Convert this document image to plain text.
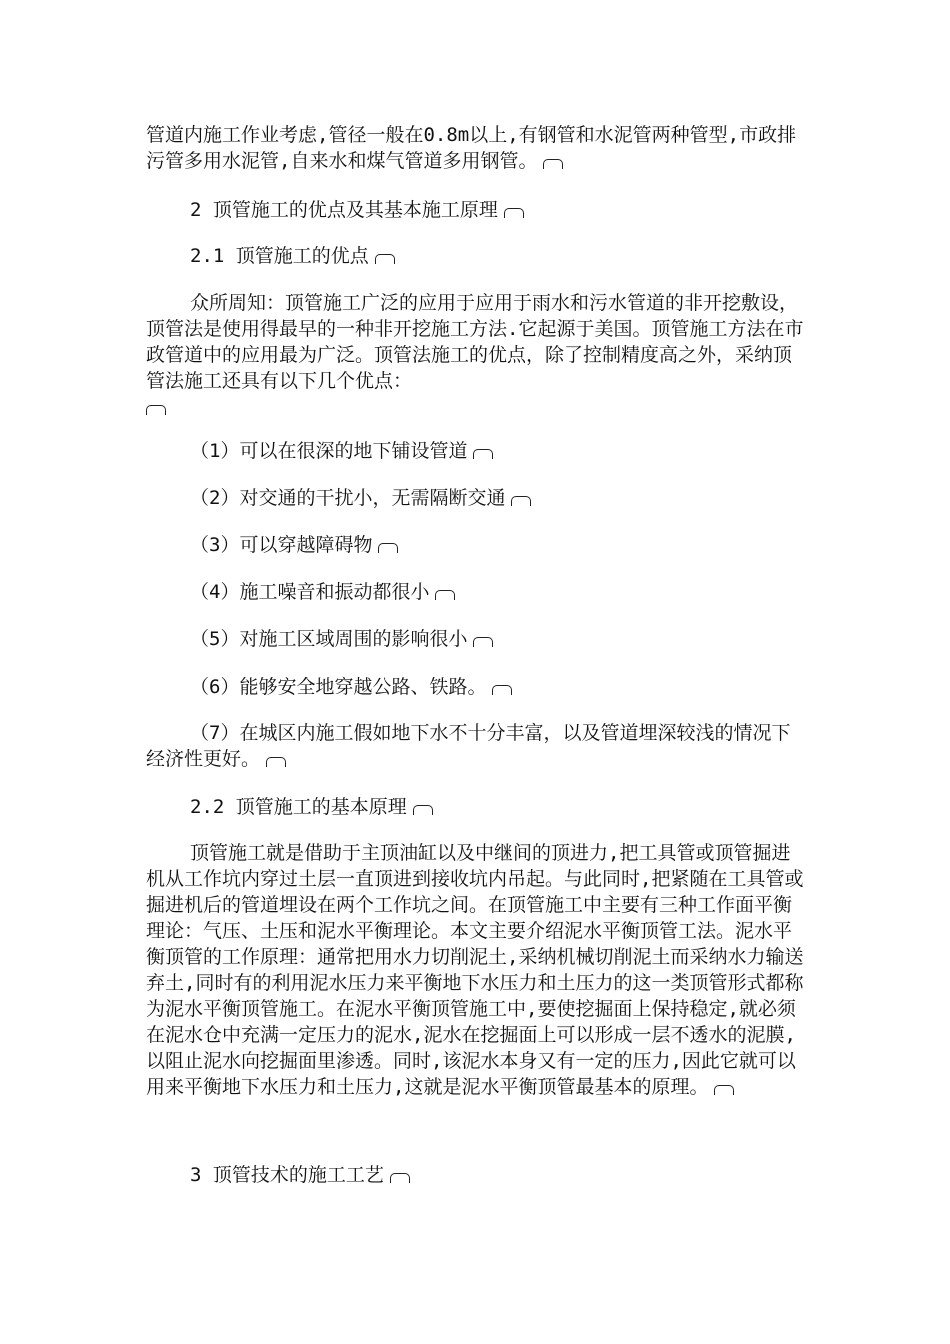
管道内施工作业考虑,管径一般在0.8m以上,有钢管和水泥管两种管型,市政排污管多用水泥管,自来水和煤气管道多用钢管。

2 顶管施工的优点及其基本施工原理

2.1 顶管施工的优点

众所周知：顶管施工广泛的应用于应用于雨水和污水管道的非开挖敷设，顶管法是使用得最早的一种非开挖施工方法.它起源于美国。顶管施工方法在市政管道中的应用最为广泛。顶管法施工的优点，除了控制精度高之外，采纳顶管法施工还具有以下几个优点：

（1）可以在很深的地下铺设管道

（2）对交通的干扰小，无需隔断交通

（3）可以穿越障碍物

（4）施工噪音和振动都很小

（5）对施工区域周围的影响很小

（6）能够安全地穿越公路、铁路。

（7）在城区内施工假如地下水不十分丰富，以及管道埋深较浅的情况下经济性更好。

2.2 顶管施工的基本原理

顶管施工就是借助于主顶油缸以及中继间的顶进力,把工具管或顶管掘进机从工作坑内穿过土层一直顶进到接收坑内吊起。与此同时,把紧随在工具管或掘进机后的管道埋设在两个工作坑之间。在顶管施工中主要有三种工作面平衡理论：气压、土压和泥水平衡理论。本文主要介绍泥水平衡顶管工法。泥水平衡顶管的工作原理：通常把用水力切削泥土,采纳机械切削泥土而采纳水力输送弃土,同时有的利用泥水压力来平衡地下水压力和土压力的这一类顶管形式都称为泥水平衡顶管施工。在泥水平衡顶管施工中,要使挖掘面上保持稳定,就必须在泥水仓中充满一定压力的泥水,泥水在挖掘面上可以形成一层不透水的泥膜,以阻止泥水向挖掘面里渗透。同时,该泥水本身又有一定的压力,因此它就可以用来平衡地下水压力和土压力,这就是泥水平衡顶管最基本的原理。

3 顶管技术的施工工艺
